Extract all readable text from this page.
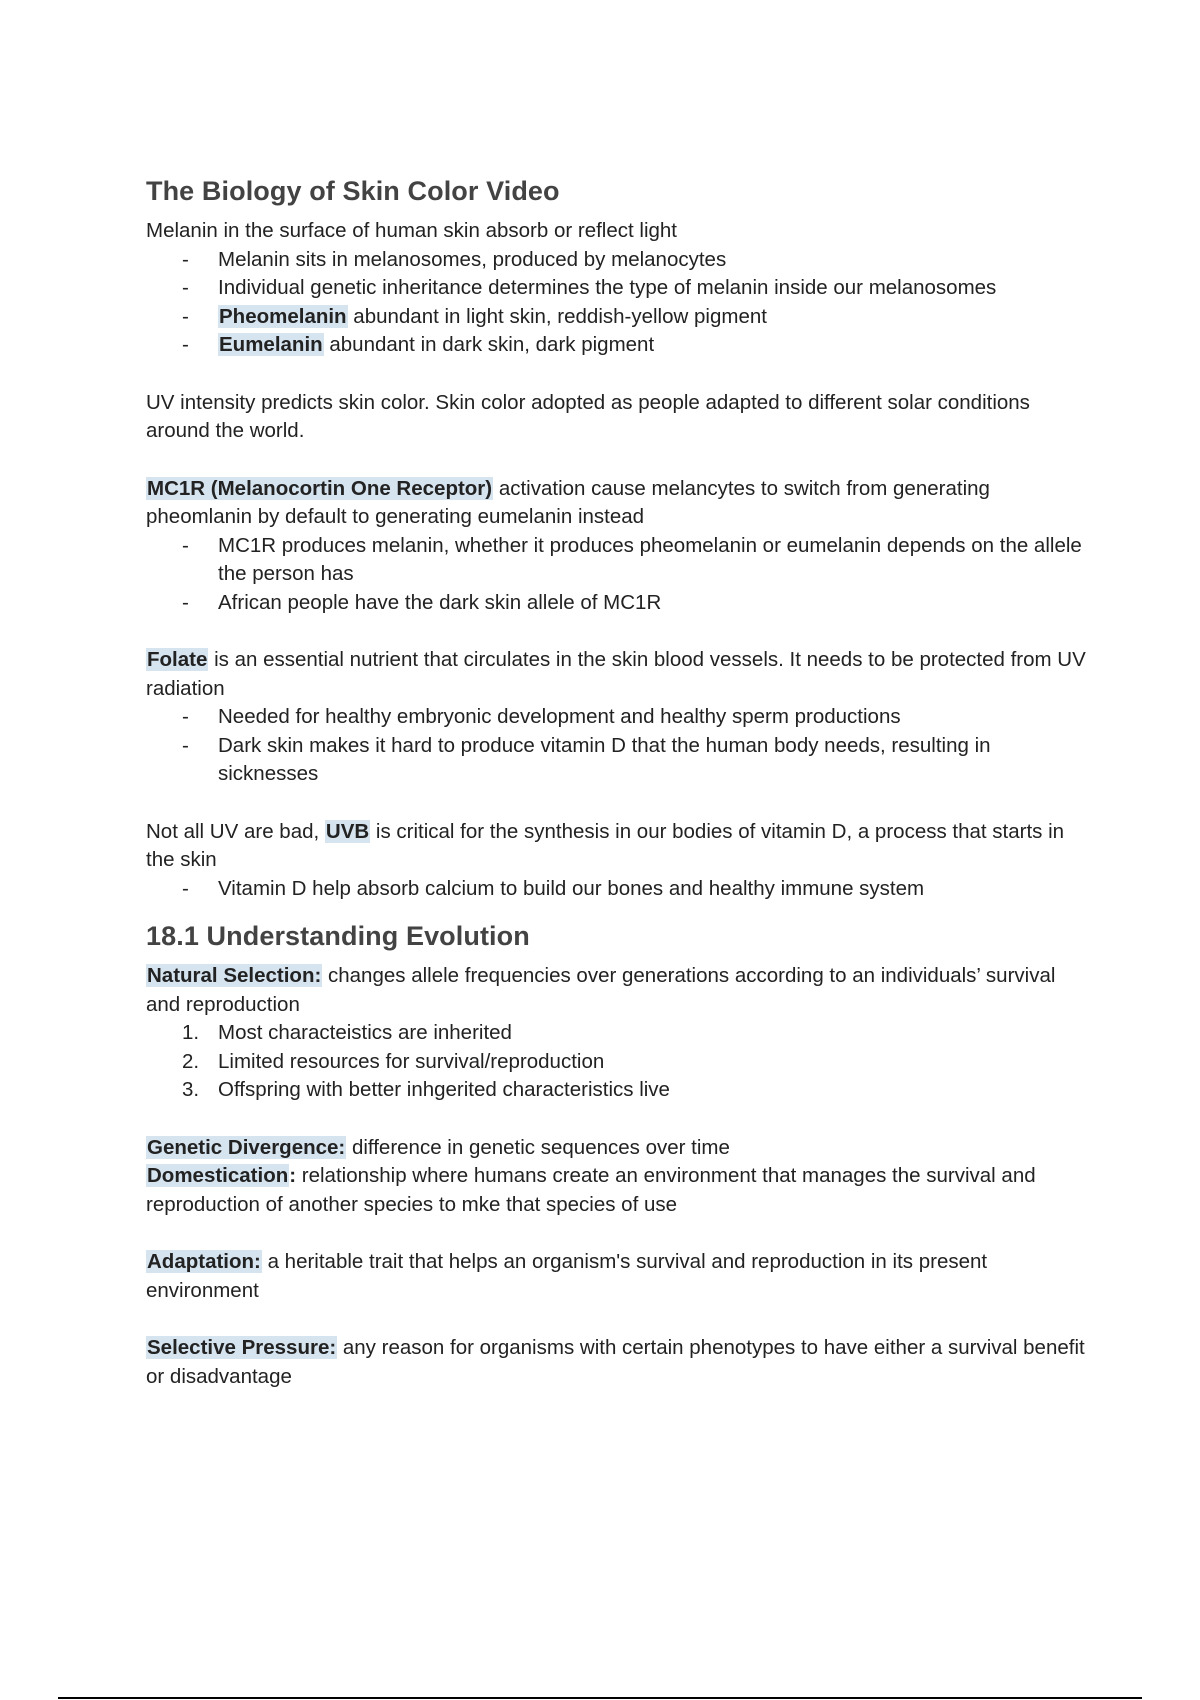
The Biology of Skin Color Video

Melanin in the surface of human skin absorb or reflect light

-	Melanin sits in melanosomes, produced by melanocytes
-	Individual genetic inheritance determines the type of melanin inside our melanosomes
-	Pheomelanin abundant in light skin, reddish-yellow pigment
-	Eumelanin abundant in dark skin, dark pigment

UV intensity predicts skin color. Skin color adopted as people adapted to different solar conditions around the world.

MC1R (Melanocortin One Receptor) activation cause melancytes to switch from generating pheomlanin by default to generating eumelanin instead

-	MC1R produces melanin, whether it produces pheomelanin or eumelanin depends on the allele the person has
-	African people have the dark skin allele of MC1R

Folate is an essential nutrient that circulates in the skin blood vessels. It needs to be protected from UV radiation

-	Needed for healthy embryonic development and healthy sperm productions
-	Dark skin makes it hard to produce vitamin D that the human body needs, resulting in sicknesses

Not all UV are bad, UVB is critical for the synthesis in our bodies of vitamin D, a process that starts in the skin

-	Vitamin D help absorb calcium to build our bones and healthy immune system
18.1 Understanding Evolution

Natural Selection: changes allele frequencies over generations according to an individuals’ survival and reproduction

1. Most characteistics are inherited
2. Limited resources for survival/reproduction
3. Offspring with better inhgerited characteristics live

Genetic Divergence: difference in genetic sequences over time

Domestication: relationship where humans create an environment that manages the survival and reproduction of another species to mke that species of use

Adaptation: a heritable trait that helps an organism's survival and reproduction in its present environment

Selective Pressure: any reason for organisms with certain phenotypes to have either a survival benefit or disadvantage
